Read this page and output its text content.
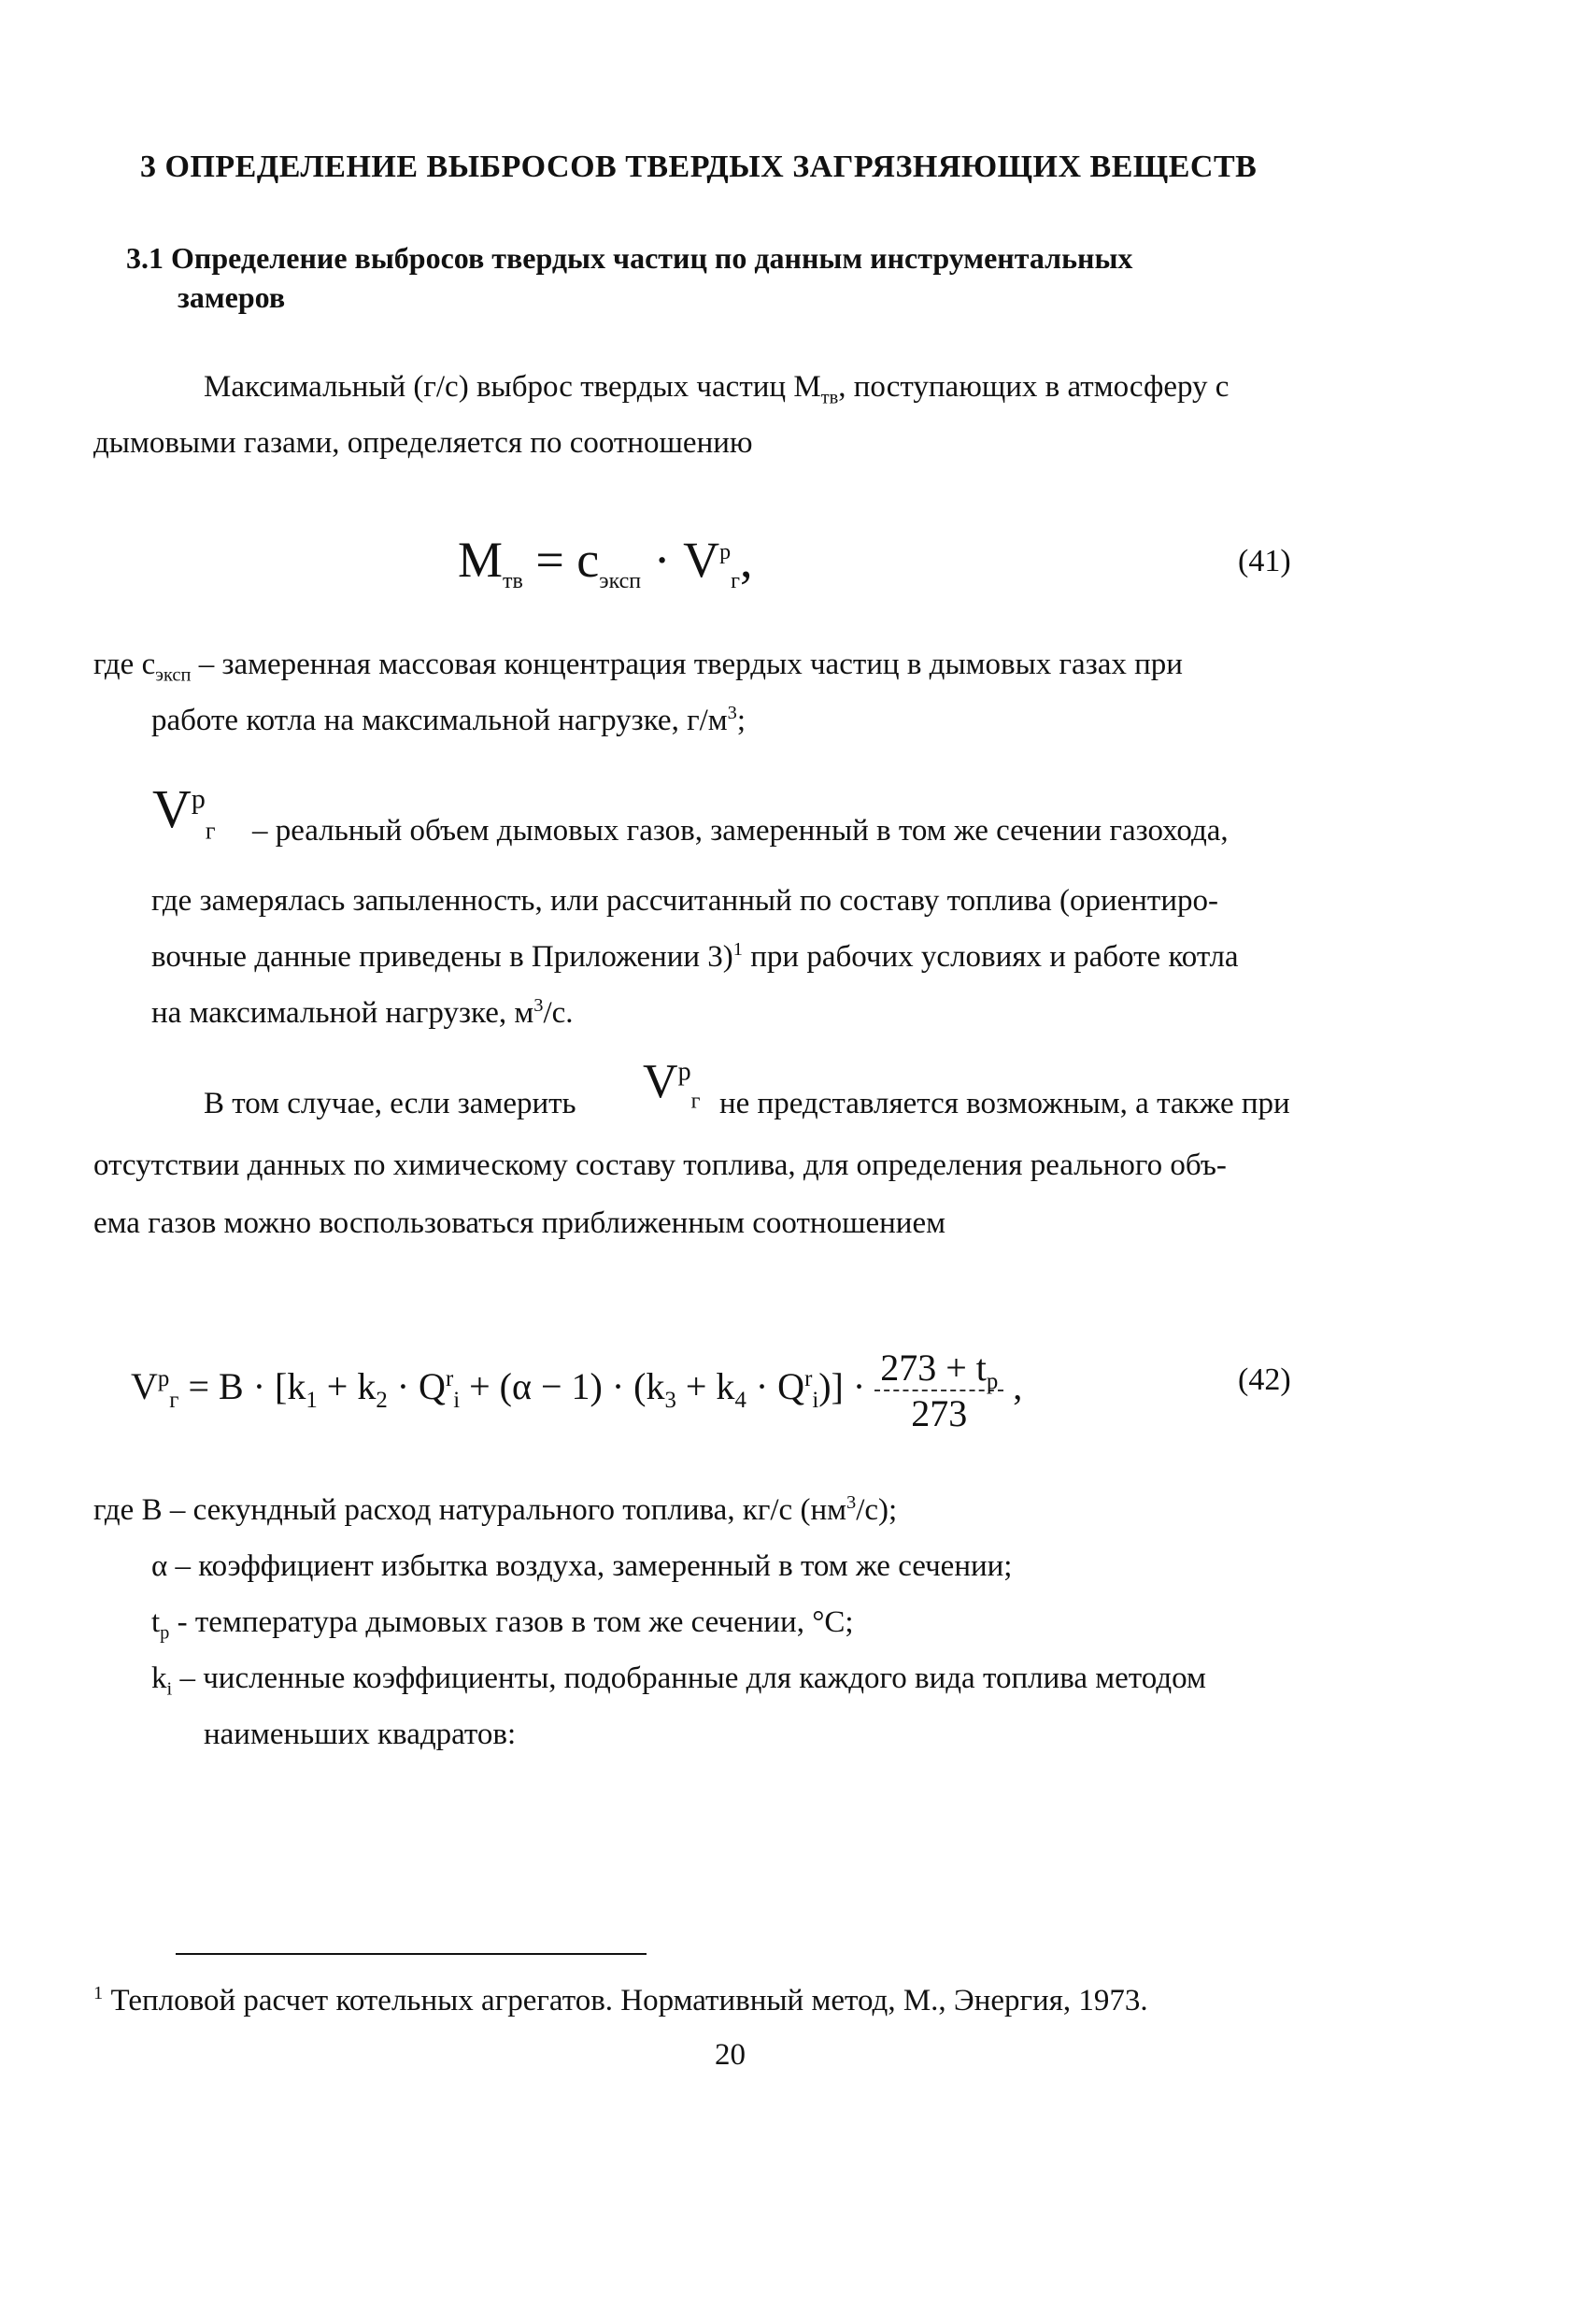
3 ОПРЕДЕЛЕНИЕ ВЫБРОСОВ ТВЕРДЫХ ЗАГРЯЗНЯЮЩИХ ВЕЩЕСТВ
3.1 Определение выбросов твердых частиц по данным инструментальных
замеров
Максимальный (г/с) выброс твердых частиц $M_{тв}$, поступающих в атмосферу с
дымовыми газами, определяется по соотношению
$M_{тв} = c_{эксп} \cdot V^р_г$,	(41)
где $c_{эксп}$ – замеренная массовая концентрация твердых частиц в дымовых газах при
работе котла на максимальной нагрузке, $г/м^3$;
$V^р_г$ – реальный объем дымовых газов, замеренный в том же сечении газохода,
где замерялась запыленность, или рассчитанный по составу топлива (ориентиро-
вочные данные приведены в Приложении 3)$^1$ при рабочих условиях и работе котла
на максимальной нагрузке, $м^3/с$.
В том случае, если замерить $V^р_г$ не представляется возможным, а также при
отсутствии данных по химическому составу топлива, для определения реального объ-
ема газов можно воспользоваться приближенным соотношением
$V^р_г = B \cdot [k_1 + k_2 \cdot Q^r_i + (\alpha - 1) \cdot (k_3 + k_4 \cdot Q^r_i)] \cdot \frac{273 + t_р}{273}$ ,	(42)
где В – секундный расход натурального топлива, кг/с $(нм^3/с)$;
α – коэффициент избытка воздуха, замеренный в том же сечении;
$t_р$ - температура дымовых газов в том же сечении, °С;
$k_i$ – численные коэффициенты, подобранные для каждого вида топлива методом
наименьших квадратов:
$^1$ Тепловой расчет котельных агрегатов. Нормативный метод, М., Энергия, 1973.
20
